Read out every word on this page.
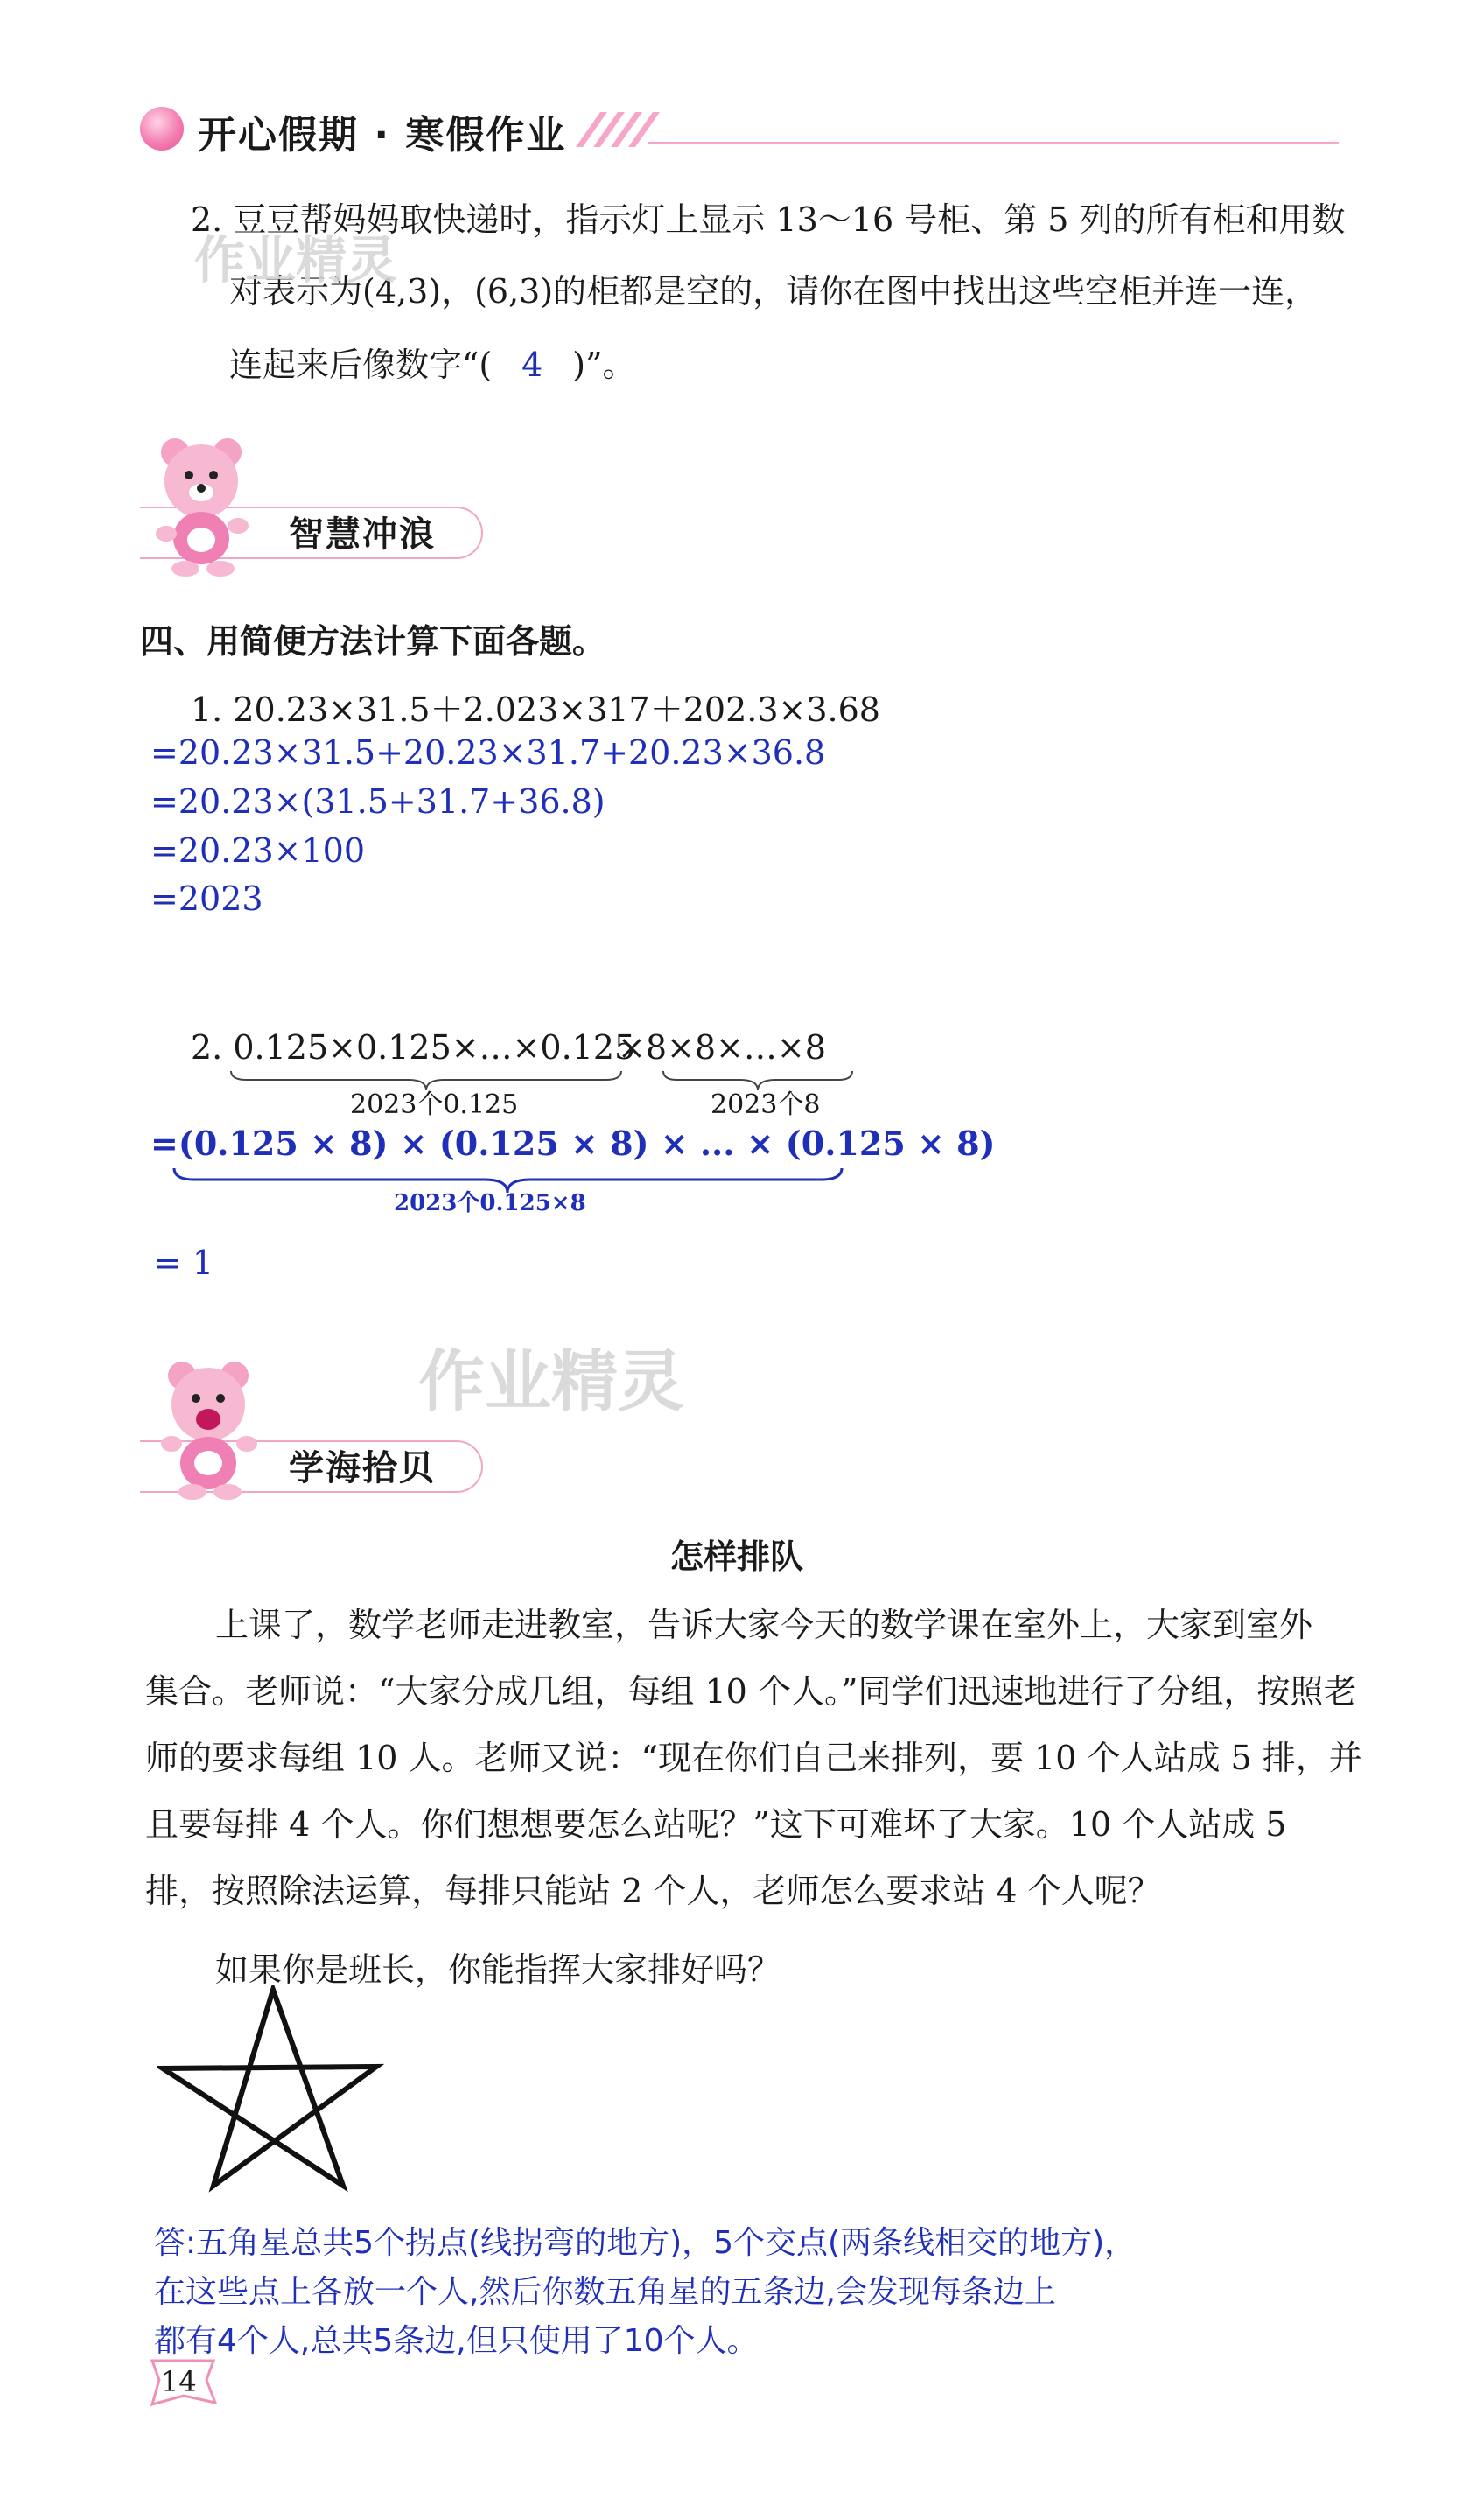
开心假期 · 寒假作业
2. 豆豆帮妈妈取快递时，指示灯上显示 13～16 号柜、第 5 列的所有柜和用数
对表示为(4,3)，(6,3)的柜都是空的，请你在图中找出这些空柜并连一连，
连起来后像数字“( 4 )”。
作业精灵
智慧冲浪
四、用简便方法计算下面各题。
1. 20.23×31.5＋2.023×317＋202.3×3.68
=20.23×31.5+20.23×31.7+20.23×36.8
=20.23×(31.5+31.7+36.8)
=20.23×100
=2023
2. 0.125×0.125×…×0.125
×8×8×…×8
2023个0.125	2023个8
=(0.125 × 8) × (0.125 × 8) × ... × (0.125 × 8)
2023个0.125×8
= 1
作业精灵
学海拾贝
怎样排队
上课了，数学老师走进教室，告诉大家今天的数学课在室外上，大家到室外
集合。老师说：“大家分成几组，每组 10 个人。”同学们迅速地进行了分组，按照老
师的要求每组 10 人。老师又说：“现在你们自己来排列，要 10 个人站成 5 排，并
且要每排 4 个人。你们想想要怎么站呢？”这下可难坏了大家。10 个人站成 5
排，按照除法运算，每排只能站 2 个人，老师怎么要求站 4 个人呢？
如果你是班长，你能指挥大家排好吗？
答:五角星总共5个拐点(线拐弯的地方)，5个交点(两条线相交的地方)，
在这些点上各放一个人,然后你数五角星的五条边,会发现每条边上
都有4个人,总共5条边,但只使用了10个人。
14
